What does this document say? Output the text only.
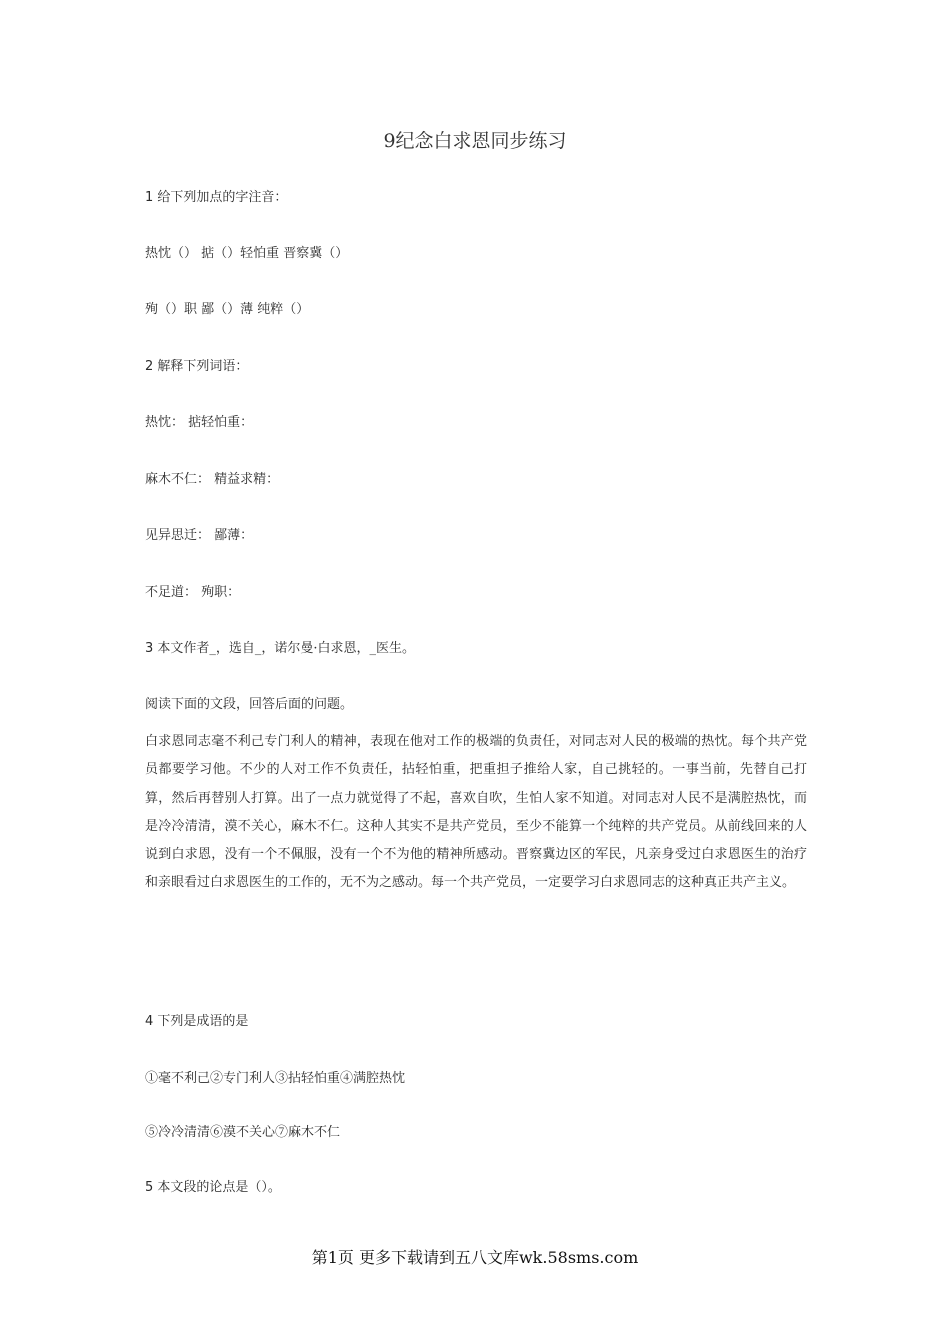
9纪念白求恩同步练习
1 给下列加点的字注音：
热忱（） 掂（）轻怕重 晋察冀（）
殉（）职 鄙（）薄 纯粹（）
2 解释下列词语：
热忱： 掂轻怕重：
麻木不仁： 精益求精：
见异思迁： 鄙薄：
不足道： 殉职：
3 本文作者_，选自_，诺尔曼·白求恩，_医生。
阅读下面的文段，回答后面的问题。
白求恩同志毫不利己专门利人的精神，表现在他对工作的极端的负责任，对同志对人民的极端的热忱。每个共产党员都要学习他。不少的人对工作不负责任，拈轻怕重，把重担子推给人家，自己挑轻的。一事当前，先替自己打算，然后再替别人打算。出了一点力就觉得了不起，喜欢自吹，生怕人家不知道。对同志对人民不是满腔热忱，而是冷冷清清，漠不关心，麻木不仁。这种人其实不是共产党员，至少不能算一个纯粹的共产党员。从前线回来的人说到白求恩，没有一个不佩服，没有一个不为他的精神所感动。晋察冀边区的军民，凡亲身受过白求恩医生的治疗和亲眼看过白求恩医生的工作的，无不为之感动。每一个共产党员，一定要学习白求恩同志的这种真正共产主义。
4 下列是成语的是
①毫不利己②专门利人③拈轻怕重④满腔热忱
⑤冷冷清清⑥漠不关心⑦麻木不仁
5 本文段的论点是（）。
第1页 更多下载请到五八文库wk.58sms.com
